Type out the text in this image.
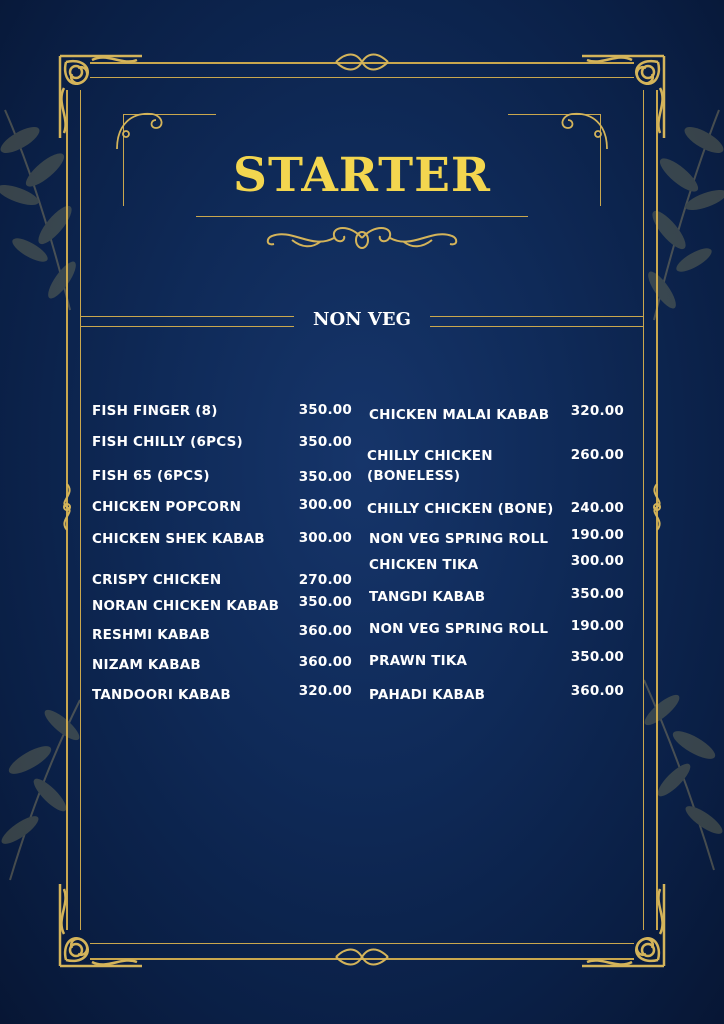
STARTER
NON VEG
FISH FINGER (8)	350.00
FISH CHILLY (6PCS)	350.00
FISH 65 (6PCS)	350.00
CHICKEN POPCORN	300.00
CHICKEN SHEK KABAB	300.00
CRISPY CHICKEN	270.00
NORAN CHICKEN KABAB	350.00
RESHMI KABAB	360.00
NIZAM KABAB	360.00
TANDOORI KABAB	320.00
CHICKEN MALAI KABAB	320.00
CHILLY CHICKEN
(BONELESS)
260.00
CHILLY CHICKEN (BONE)	240.00
NON VEG SPRING ROLL	190.00
CHICKEN TIKA	300.00
TANGDI KABAB	350.00
NON VEG SPRING ROLL	190.00
PRAWN TIKA	350.00
PAHADI KABAB	360.00
